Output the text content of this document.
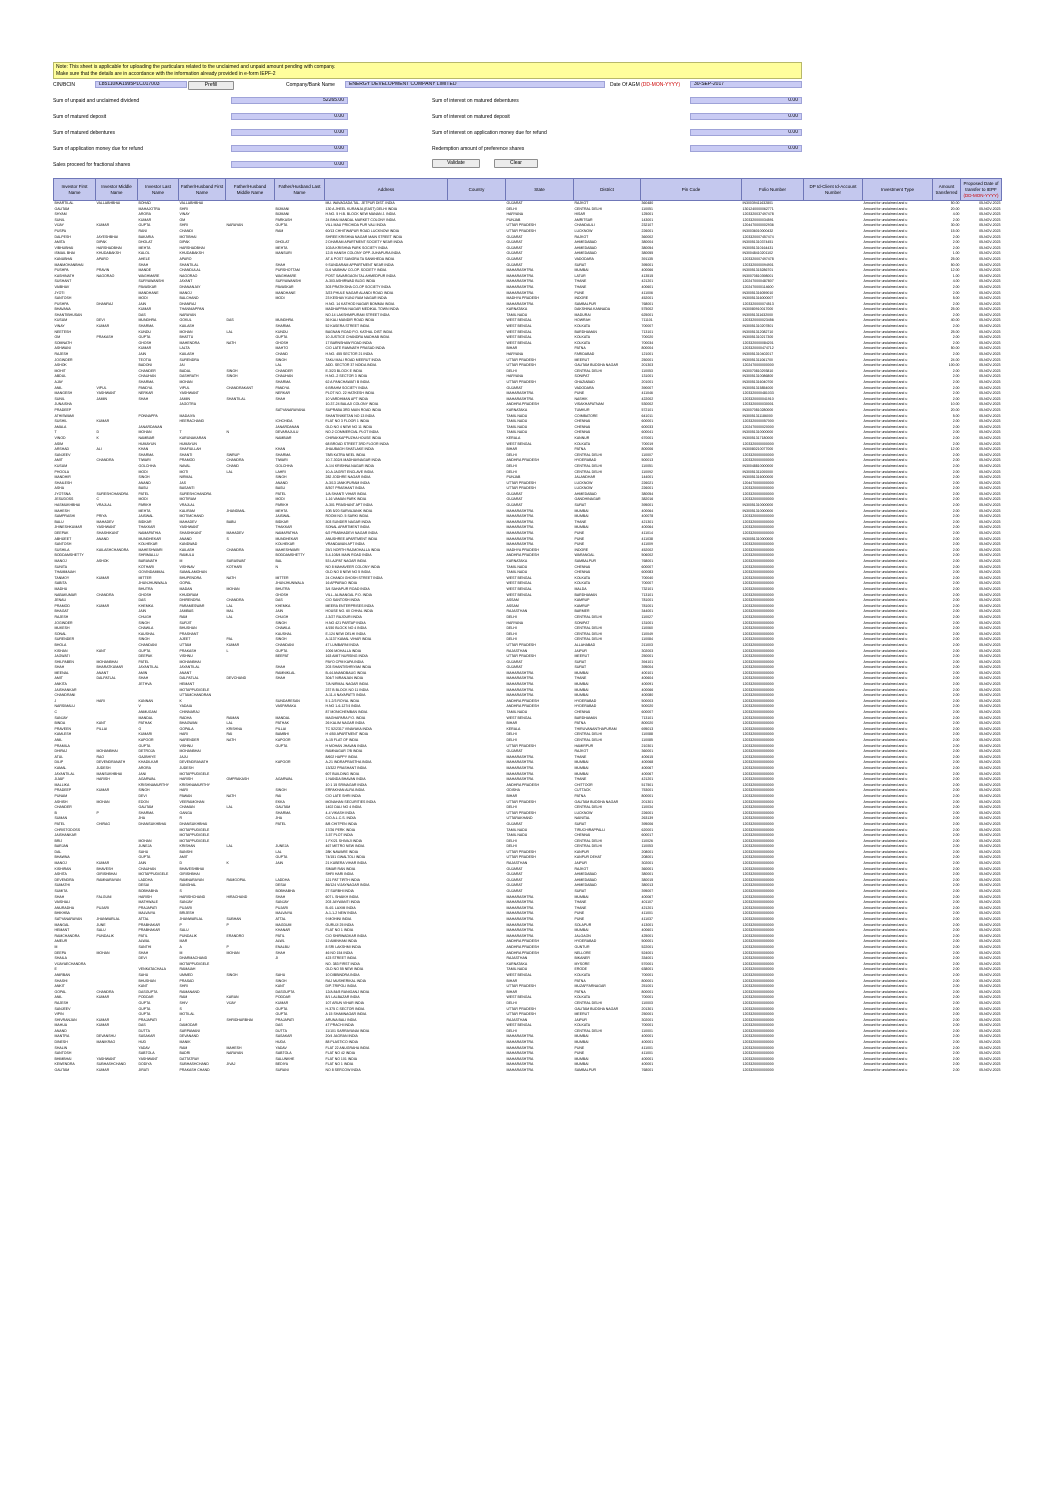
Note: This sheet is applicable for uploading the particulars related to the unclaimed and unpaid amount pending with company.
Make sure that the details are in accordance with the information already provided in e-form IEPF-2
CIN/BCIN	L85110KA1995PLC017003	Prefill	Company/Bank Name	ENERGY DEVELOPMENT COMPANY LIMITED	Date Of AGM (DD-MON-YYYY)	30-SEP-2017
Sum of unpaid and unclaimed dividend	52265.00	Sum of interest on matured debentures	0.00
Sum of matured deposit	0.00	Sum of interest on matured deposit	0.00
Sum of matured debentures	0.00	Sum of interest on application money due for refund	0.00
Sum of application money due for refund	0.00	Redemption amount of preference shares	0.00
Sales proceed for fractional shares	0.00	Validate	Clear
Investor First Name	Investor Middle Name	Investor Last Name	Father/Husband First Name	Father/Husband Middle Name	Father/Husband Last Name	Address	Country	State	District	Pin Code	Folio Number	DP Id-Client Id-Account Number	Investment Type	Amount transferred	Proposed Date of transfer to IEPF
(DD-MON-YYYY)

BHARTILAL	VALLABHBHAI	BOHAD	VALLABHBHAI			MU. WAVAGADA TAL. JETPUR DIST. INDIA		GUJARAT	RAJKOT	360480	IN30039411632801		Amount for unclaimed and u	50.00	05-NOV-2023
GAUTAM		MAHAJOTRA	SHRI		BIJMANI	130 A JHEEL KURANJA (EAST) DELHI INDIA		DELHI	CENTRAL DELHI	110051	1301240000062771		Amount for unclaimed and u	20.00	05-NOV-2023
SHYAM		ARORA	VINAY		BIJMANI	H.NO. 5 H.B. BLOCK NEW MANAN J. INDIA		HARYANA	HISAR	125001	1203320037497478		Amount for unclaimed and u	4.00	05-NOV-2023
SUNIL		KUMAR	OM		PARKASH	24 BHAI MANDAL MARKET COLONY INDIA		PUNJAB	AMRITSAR	143001	1203320000034591		Amount for unclaimed and u	2.00	05-NOV-2023
VIJAY	KUMAR	GUPTA	SHRI	NARAYAN	GUPTA	VILL MAU PRICHIDA PUR VALI INDIA		UTTAR PRADESH	CHANDAULI	232107	1204470000002936		Amount for unclaimed and u	30.00	05-NOV-2023
PUSPA		RANI	CHANDI		RAM	60/13 CHHITWAPUR ROAD LUCKNOW INDIA		UTTAR PRADESH	LUCKNOW	226001	IN30036010000432		Amount for unclaimed and u	15.00	05-NOV-2023
DALPESH	JAYESHBHAI	BAKARIA	MOTIBHAI			SHREE KRISHNA NAGAR MAIN STREET INDIA		GUJARAT	RAJKOT	360002	1203320007457474		Amount for unclaimed and u	2.00	05-NOV-2023
AMITA	DIPAK	DHOLAT	DIPAK		DHOLAT	2 DHARAM APARTMENT SOCIETY NEAR INDIA		GUJARAT	AHMEDABAD	380004	IN30051310374451		Amount for unclaimed and u	2.00	05-NOV-2023
VIBHUBHAI	HARSHADBHAI	MEHTA	HARSHADBHAI		MEHTA	102/A KRISHNA PARK SOCIETY INDIA		GUJARAT	AHMEDABAD	380054	IN30051310164431		Amount for unclaimed and u	2.00	05-NOV-2023
ISMAIL BHAI	KHUDABAKSH	KALOL	KHUDABAKSH		MANSURI	12-B HANSH COLONY OPP. JUHAPURA INDIA		GUJARAT	AHMEDABAD	380055	IN30048410201102		Amount for unclaimed and u	1.00	05-NOV-2023
KANUBHAI	APARO	AHELE	APARO			AT & POST SANGRA TA SANKHEDA INDIA		GUJARAT	VADODARA	391135	1203320007497478		Amount for unclaimed and u	25.00	05-NOV-2023
MANMOHANBHAI		SHAH	SHANTILAL		SHAH	9 SUNDARAM APPARTMENT NEAR INDIA		GUJARAT	SURAT	395001	1203320000094901		Amount for unclaimed and u	50.00	05-NOV-2023
PUSHPA	PRAVIN	MANDE	CHANDULAL		PURSHOTTAM	D-6 VAIBHAV CO-OP. SOCIETY INDIA		MAHARASHTRA	MUMBAI	400066	IN30051315286701		Amount for unclaimed and u	12.00	05-NOV-2023
KASHINATH	NAGORAO	WAGHMARE	NAGORAO		WAGHMARE	POST SAVARGAON TAL AHMEDPUR INDIA		MAHARASHTRA	LATUR	413515	IN30070810398001		Amount for unclaimed and u	1.00	05-NOV-2023
SUSHANT		SURYAWANSHI	JAYANT		SURYAWANSHI	A-303 ASHIRWAD BLDG INDIA		MAHARASHTRA	THANE	421201	1202470000487807		Amount for unclaimed and u	4.00	05-NOV-2023
VAIBHAV		PAVASKAR	DHANANJAY		PAVASKAR	303 PRATIKSHA CO-OP SOCIETY INDIA		MAHARASHTRA	THANE	400601	1202470000114600		Amount for unclaimed and u	2.00	05-NOV-2023
JYOTI		MANDHANE	MANOJ		MANDHANE	3/23 PHULE NAGAR ALANDI ROAD INDIA		MAHARASHTRA	PUNE	411006	IN30051316059010		Amount for unclaimed and u	2.00	05-NOV-2023
SANTOSH		MODI	BALCHAND		MODI	23 KESHAV KUNJ RAM NAGAR INDIA		MADHYA PRADESH	INDORE	452001	IN30051316000007		Amount for unclaimed and u	5.00	05-NOV-2023
PUSHPA	DHANRAJ	JAIN	DHANRAJ			H.NO. 14 KATHOD NAGAR BOMMAI INDIA		MAHARASHTRA	SAMBALPUR	768001	1203320000074513		Amount for unclaimed and u	2.00	05-NOV-2023
BHAVANA		KUMAR	THANNIAPPAN			MADHAPPAN NAGAR MEDIKAL TOWN INDIA		KARNATAKA	DAKSHINA KANNADA	575002	IN30080910017000		Amount for unclaimed and u	25.00	05-NOV-2023
SHANTIBHUSAN		DAS	NARAYAN			NO.14 LAKSHMIPURAM STREET INDIA		TAMIL NADU	MADURAI	625001	IN30051311632000		Amount for unclaimed and u	2.00	05-NOV-2023
KUSUM	DEVI	MUNDHRA	GOKUL	DAS	MUNDHRA	36 KALI MANDIR ROAD INDIA		WEST BENGAL	HOWRAH	711101	1203320000023456		Amount for unclaimed and u	40.00	05-NOV-2023
VINAY	KUMAR	SHARMA	KAILASH		SHARMA	52 KASERA STREET INDIA		WEST BENGAL	KOLKATA	700007	IN30051310207801		Amount for unclaimed and u	2.00	05-NOV-2023
NEETESH		KUNDU	MOHAN	LAL	KUNDU	BAGNAN ROAD P.O. KATHAL DIST INDIA		WEST BENGAL	BARDHAMAN	713101	IN30051312082710		Amount for unclaimed and u	25.00	05-NOV-2023
OM	PRAKASH	GUPTA	BHATTU		GUPTA	10 JUSTICE CHANDRA MADHAB INDIA		WEST BENGAL	KOLKATA	700020	IN30051310217300		Amount for unclaimed and u	2.00	05-NOV-2023
SOMNATH		GHOSH	MAHENDRA	NATH	GHOSH	17 BARNSHAW ROAD INDIA		WEST BENGAL	KOLKATA	700034	1203320000084201		Amount for unclaimed and u	2.00	05-NOV-2023
ASHWANI		KUMAR	LALTA		MAHTO	C/O LATE RAMNATH PRASAD INDIA		BIHAR	PATNA	800004	1203320000474712		Amount for unclaimed and u	50.00	05-NOV-2023
RAJESH		JAIN	KAILASH		CHAND	H.NO. 455 SECTOR 21 INDIA		HARYANA	FARIDABAD	121001	IN30051310402017		Amount for unclaimed and u	2.00	05-NOV-2023
JOGINDER		TEOTIA	SURENDRA		SINGH	TAKU MALI ROAD MEERUT INDIA		UTTAR PRADESH	MEERUT	250001	IN30051311061700		Amount for unclaimed and u	24.00	05-NOV-2023
ASHOK		BADONI	JAI		LAL	ADD. SECTOR 37 NOIDA INDIA		UTTAR PRADESH	GAUTAM BUDDHA NAGAR	201303	1202470000000000		Amount for unclaimed and u	100.00	05-NOV-2023
MOHIT		CHANDER	BADAL	SINGH	CHANDER	E-3/23 BLOCK E INDIA		DELHI	CENTRAL DELHI	110053	IN30070810293810		Amount for unclaimed and u	2.00	05-NOV-2023
ABDUL		CHAUHAN	DASHRATH	SINGH	CHAUHAN	H.NO.-2 SECTOR 3 INDIA		HARYANA	SONIPAT	131001	IN30051310086800		Amount for unclaimed and u	2.00	05-NOV-2023
AJAY		SHARMA	MOHAN		SHARMA	62 A PANCHAWATI B INDIA		UTTAR PRADESH	GHAZIABAD	201001	IN30051316040700		Amount for unclaimed and u	2.00	05-NOV-2023
ANIL	VIPUL	PANDYA	VIPUL	CHANDRAKANT	PANDYA	6 BRAHM SOCIETY INDIA		GUJARAT	VADODARA	390007	IN30051315854000		Amount for unclaimed and u	2.00	05-NOV-2023
MANGESH	YASHWANT	NERKAR	YASHWANT		NERKAR	PLOT NO. 22 HATKESH INDIA		MAHARASHTRA	PUNE	411046	1203320000481033		Amount for unclaimed and u	2.00	05-NOV-2023
SUNIL	JAMIN	SHAH	JAMIN	SHANTILAL	SHAH	10 VARDHMAN APT INDIA		MAHARASHTRA	NASHIK	422002	1203320000041910		Amount for unclaimed and u	2.00	05-NOV-2023
JUNAISHA			JAGOTRA			10-37-24 BALAJI COLONY INDIA		ANDHRA PRADESH	VISAKHAPATNAM	530002	1203320000030001		Amount for unclaimed and u	10.00	05-NOV-2023
PRADEEP					SATYANARAYANA	SUPRABA 3RD MAIN ROAD INDIA		KARNATAKA	TUMKUR	572101	IN30070810280000		Amount for unclaimed and u	20.00	05-NOV-2023
ATHISWAMI		PONNAPPA	MADAIYA			SHANTINIKETAN NO 13 INDIA		TAMIL NADU	COIMBATORE	641011	IN30051311186000		Amount for unclaimed and u	5.00	05-NOV-2023
SUSHIL	KUMAR		HEERACHAND		ICHCHIDA	FLAT NO 3 FLOOR 1 INDIA		TAMIL NADU	CHENNAI	600001	1203320000057000		Amount for unclaimed and u	2.00	05-NOV-2023
AMALA		JANARDANAN			JANARDANAN	OLD NO 4 NEW NO 11 INDIA		TAMIL NADU	CHENNAI	600033	1202470000020000		Amount for unclaimed and u	2.00	05-NOV-2023
T	D	MOHAN	T	N	DEVARAJULU	NO.2 COMMERCIAL PLOT INDIA		TAMIL NADU	CHENNAI	600041	IN30051310000000		Amount for unclaimed and u	2.00	05-NOV-2023
VINOD	K	NAMBIAR	KARUNAKARAN		NAMBIAR	CHIRAKKAPPUZHA HOUSE INDIA		KERALA	KANNUR	670001	IN30051317180000		Amount for unclaimed and u	2.00	05-NOV-2023
ASIM		HUMAYUN	HUMAYUN			68 BROAD STREET 3RD FLOOR INDIA		WEST BENGAL	KOLKATA	700019	1203320000000000		Amount for unclaimed and u	2.00	05-NOV-2023
ARSHAD	ALI	KHAN	SHAFIULLAH		KHAN	JHAUBAGH SHATLAKE INDIA		BIHAR	PATNA	800006	IN30080210077000		Amount for unclaimed and u	12.00	05-NOV-2023
SANJEEV		SHARMA	SHANTI	SWRUP	SHARMA	78/B KATRA NEEL INDIA		DELHI	CENTRAL DELHI	110007	1203320000000000		Amount for unclaimed and u	2.00	05-NOV-2023
AMIT	CHANDRA	TIWARI	PRAMOD	CHANDRA	TIWARI	10-7-302/4 MADHAVNAGAR INDIA		ANDHRA PRADESH	HYDERABAD	500013	1203320000000000		Amount for unclaimed and u	2.00	05-NOV-2023
KUSUM		GOLCHHA	NAVAL	CHAND	GOLCHHA	A-1/4 KRISHNA NAGAR INDIA		DELHI	CENTRAL DELHI	110051	IN30048810000000		Amount for unclaimed and u	2.00	05-NOV-2023
PHOOLA		MODI	MOTI	LAL	LAHRI	10-A JAGRIT ENCLAVE INDIA		DELHI	CENTRAL DELHI	110092	IN30051311000000		Amount for unclaimed and u	2.00	05-NOV-2023
MANDHIR		SINGH	NIRMAL		SINGH	282 JODHRE NAGAR INDIA		PUNJAB	JALANDHAR	144001	IN30051316000000		Amount for unclaimed and u	2.00	05-NOV-2023
SHAILESH		ANAND	JAS		ANAND	A-3/13 JANKIPURAM INDIA		UTTAR PRADESH	LUCKNOW	226021	1204470000000000		Amount for unclaimed and u	2.00	05-NOV-2023
ASHA		BASU	BASANTI		BASU	8/307 PRASHANT INDIA		UTTAR PRADESH	LUCKNOW	226001	1203320000000000		Amount for unclaimed and u	2.00	05-NOV-2023
JYOTSNA	SURESHCHANDRA	PATEL	SURESHCHANDRA		PATEL	1/A SHANTI VIHAR INDIA		GUJARAT	AHMEDABAD	380054	1203320000000000		Amount for unclaimed and u	2.00	05-NOV-2023
JESUDOSS	C	MODI	MOTIRAM		MODI	1-16 VAMAN PARK INDIA		GUJARAT	GANDHINAGAR	382016	1203320000000000		Amount for unclaimed and u	2.00	05-NOV-2023
HASMUKHBHAI	VRAJLAL	PARIKH	VRAJLAL		PARIKH	A-301 PRASHANT APT INDIA		GUJARAT	SURAT	395001	IN30051310000000		Amount for unclaimed and u	2.00	05-NOV-2023
MAHESH		MEHTA	KALIRAM	JHANDMAL	MEHTA	10B 5/20 SARVAJANIK INDIA		MAHARASHTRA	MUMBAI	400064	IN30051310000000		Amount for unclaimed and u	2.00	05-NOV-2023
SAMPRASHI	PRIYA	JAISWAL	MOTIMCHAND		JAISWAL	ROOM NO. 5 SARKI INDIA		MAHARASHTRA	MUMBAI	400078	1203320000000000		Amount for unclaimed and u	2.00	05-NOV-2023
BALU	MAHADEV	BIDKAR	MAHADEV	BABU	BIDKAR	303 SUNDER NAGAR INDIA		MAHARASHTRA	THANE	421301	1203320000000000		Amount for unclaimed and u	2.00	05-NOV-2023
JHINESHKUMAR	YASHWANT	THAKKAR	YASHWANT		THAKKAR	SONAL APARTMENT INDIA		MAHARASHTRA	MUMBAI	400064	1203320000000000		Amount for unclaimed and u	2.00	05-NOV-2023
DEEPAK	SHASHIKANT	NAMAPATHIA	SHASHIKANT	MAHADEV	NAMAPATHIA	6/2 PRABHADEVI NAGAR INDIA		MAHARASHTRA	PUNE	411014	1203320000000000		Amount for unclaimed and u	2.00	05-NOV-2023
ABHIJEET	ANAND	MUNDHEKAR	ANAND	S	MUNDHEKAR	ANUSHREE APARTMENT INDIA		MAHARASHTRA	PUNE	411038	IN30051310000000		Amount for unclaimed and u	2.00	05-NOV-2023
SANTOSH		KOLHEKAR	KANDWAD		KOLHEKAR	VRANDAVAN APT INDIA		MAHARASHTRA	PUNE	411009	1203320000000000		Amount for unclaimed and u	2.00	05-NOV-2023
SUSHILA	KAILASHCHANDRA	MAHESHWARI	KAILASH	CHANDRA	MAHESHWARI	25/1 NORTH RAJMOHALLA INDIA		MADHYA PRADESH	INDORE	452002	1203320000000000		Amount for unclaimed and u	2.00	05-NOV-2023
BODDAMSHETTY		SHRIMALLU	RAMULU		BODDAMSHETTY	5-4-108/4 MAIN ROAD INDIA		ANDHRA PRADESH	WARANGAL	506002	1203320000000000		Amount for unclaimed and u	2.00	05-NOV-2023
MANOJ	ASHOK	BARANATH	M	SARASWAT	BAL	53 LAJPAT NAGAR INDIA		KARNATAKA	SAMBALPUR	768001	1203320000000000		Amount for unclaimed and u	2.00	05-NOV-2023
SUNITA		KOTHARI	VISHNAV	KOTHARI	N	NO 8 MAHAVEER COLONY INDIA		TAMIL NADU	CHENNAI	600007	1203320000000000		Amount for unclaimed and u	2.00	05-NOV-2023
THAMMAIAH		GOVINDAMMAL	SAMALAMOHAN			OLD NO 8 NEW NO 5 INDIA		TAMIL NADU	CHENNAI	600083	1203320000000000		Amount for unclaimed and u	2.00	05-NOV-2023
TANMOY	KUMAR	MITTER	BHUPENDRA	NATH	MITTER	24 CHANDI GHOSH STREET INDIA		WEST BENGAL	KOLKATA	700040	1203320000000000		Amount for unclaimed and u	2.00	05-NOV-2023
SABITA		JHUNJHUNWALA	GOPAL		JHUNJHUNWALA	16 APPARAO INDIA		WEST BENGAL	KOLKATA	700007	1203320000000000		Amount for unclaimed and u	2.00	05-NOV-2023
MADHU		BHUTRA	MADAN	MOHAN	BHUTRA	3/4 SAHAPUR ROAD INDIA		WEST BENGAL	MALDA	732101	1203320000000000		Amount for unclaimed and u	2.00	05-NOV-2023
NABAKUMAR	CHANDRA	GHOSH	KHUDIRAM		GHOSH	VILL- ALINANGAL P.O. INDIA		WEST BENGAL	BARDHAMAN	713101	1203320000000000		Amount for unclaimed and u	2.00	05-NOV-2023
JENAU		DAS	DHIRENDRA	CHANDRA	DAS	C/O SANTOSH INDIA		ASSAM	KAMRUP	781001	1203320000000000		Amount for unclaimed and u	2.00	05-NOV-2023
PRAMOD	KUMAR	KHEMKA	PARAMESWAR	LAL	KHEMKA	MEERA ENTERPRISES INDIA		ASSAM	KAMRUP	781001	1203320000000000		Amount for unclaimed and u	2.00	05-NOV-2023
BHAGAT		JAIN	JAMBAS	MAL	JAIN	HOUSE NO. 60 CHHAL INDIA		RAJASTHAN	BARMER	344001	1203320000000000		Amount for unclaimed and u	2.00	05-NOV-2023
RAJESH		CHUGH	RAM	LAL	CHUGH	J-3/27 RAJOURI INDIA		DELHI	CENTRAL DELHI	110027	1203320000000000		Amount for unclaimed and u	2.00	05-NOV-2023
JOGINDER		SINGH	SURJIT		SINGH	H.NO 421 PARTAP INDIA		HARYANA	SONIPAT	131001	1203320000000000		Amount for unclaimed and u	2.00	05-NOV-2023
MUKESH		CHAWLA	BHUSHAN		CHAWLA	4/150 BLOCK NO 4 INDIA		DELHI	CENTRAL DELHI	110060	1203320000000000		Amount for unclaimed and u	2.00	05-NOV-2023
SONAL		KAUSHAL	PRASHANT		KAUSHAL	E-124 NEW DELHI INDIA		DELHI	CENTRAL DELHI	110049	1203320000000000		Amount for unclaimed and u	2.00	05-NOV-2023
SURENDER		SINGH	AJEET	PAL	SINGH	A-1137 KAMAL VIHAR INDIA		DELHI	CENTRAL DELHI	110084	1203320000000000		Amount for unclaimed and u	2.00	05-NOV-2023
BHOLA		CHANDANI	UTTAM	KUMAR	CHANDANI	47 LUMBARNI INDIA		UTTAR PRADESH	ALLAHABAD	211003	1203320000000000		Amount for unclaimed and u	2.00	05-NOV-2023
KISHAN	KANT	GUPTA	PRAKASH	L	GUPTA	1006 MOHALLA INDIA		RAJASTHAN	JAIPUR	302003	1203320000000000		Amount for unclaimed and u	2.00	05-NOV-2023
JAGWATI		DEEPAK	VISHNU		BEEPAT	163 AMIT NURSING INDIA		UTTAR PRADESH	MEERUT	250001	1203320000000000		Amount for unclaimed and u	2.00	05-NOV-2023
SHILPABEN	MOHANBHAI	PATEL	MOHANBHAI			PAYO CPM KAPA INDIA		GUJARAT	SURAT	394101	1203320000000000		Amount for unclaimed and u	2.00	05-NOV-2023
SHAH	BHARATKUMAR	JAYANTILAL	JAYANTILAL		SHAH	203 SHANTISHRIYAM INDIA		GUJARAT	SURAT	395004	1203320000000000		Amount for unclaimed and u	2.00	05-NOV-2023
MEENAL	ANANT	AMIN	ANANT		RAMNIKLAL	B-44 ANANDBAUG INDIA		MAHARASHTRA	MUMBAI	400101	1203320000000000		Amount for unclaimed and u	2.00	05-NOV-2023
AMIT	DALPATLAL	SHAH	DALPATLAL	DEVCHAND	SHAH	304/7 NIRANJAN INDIA		MAHARASHTRA	THANE	400604	1203320000000000		Amount for unclaimed and u	2.00	05-NOV-2023
ANKITA		JETHVA	HEMANT			7/A NIRMAL NAGAR INDIA		MAHARASHTRA	MUMBAI	400091	1203320000000000		Amount for unclaimed and u	2.00	05-NOV-2023
JAISHANKAR			MOTAPPUDIGELE			237 B BLOCK NO 11 INDIA		MAHARASHTRA	MUMBAI	400066	1203320000000000		Amount for unclaimed and u	2.00	05-NOV-2023
CHANDRANI			UTTAMCHANDRAN			A-11-4 NAYAPATTI INDIA		MAHARASHTRA	MUMBAI	400080	1203320000000000		Amount for unclaimed and u	2.00	05-NOV-2023
J	HARI	KANNAN	K		SUNDARESAN	5 1-2/3 ROYAL INDIA		ANDHRA PRADESH	HYDERABAD	500003	1203320000000000		Amount for unclaimed and u	2.00	05-NOV-2023
NARSIMALU		V	YADAIA		VASPARAKA	H.NO 1-6-127/4 INDIA		ANDHRA PRADESH	HYDERABAD	500020	1203320000000000		Amount for unclaimed and u	2.00	05-NOV-2023
C		ANMUGAM	CHINNARAJ			87 MONICHEMBAN INDIA		TAMIL NADU	CHENNAI	600007	1203320000000000		Amount for unclaimed and u	2.00	05-NOV-2023
SANJAY		MANDAL	RADHA	RAMAN	MANDAL	MAGHAPARA P.O. INDIA		WEST BENGAL	BARDHAMAN	713101	1203320000000000		Amount for unclaimed and u	2.00	05-NOV-2023
BINDA	KANT	PATHAK	BHAGWAN	LAL	PATHAK	26 KALIM NAGAR INDIA		BIHAR	PATNA	800020	1203320000000000		Amount for unclaimed and u	2.00	05-NOV-2023
PRAVEEN	PILLAI	G	GOPALA	KRISHNA	PILLAI	TC 52/2317 VINAYAKA INDIA		KERALA	THIRUVANANTHAPURAM	695013	1203320000000000		Amount for unclaimed and u	2.00	05-NOV-2023
KAMLESH		KUMARI	HARI	RAI	BAMBHI	H 4/50 APARTMENT INDIA		DELHI	CENTRAL DELHI	110088	1203320000000000		Amount for unclaimed and u	2.00	05-NOV-2023
ANIL		KAPOOR	NARENDER	NATH	KAPOOR	A-15 FLAT OF INDIA		DELHI	CENTRAL DELHI	110085	1203320000000000		Amount for unclaimed and u	2.00	05-NOV-2023
PRAMILA		GUPTA	VISHNU		GUPTA	H MOHAN JHAVAN INDIA		UTTAR PRADESH	HAMIRPUR	210301	1203320000000000		Amount for unclaimed and u	2.00	05-NOV-2023
DHIRAJ	MOHANBHAI	DETROJA	MOHANBHAI			RAMNAGAR 7/B INDIA		GUJARAT	RAJKOT	360001	1203320000000000		Amount for unclaimed and u	2.00	05-NOV-2023
ATUL	RAO	GAJBHIYE	JAJU			8/602 HAPPY INDIA		MAHARASHTRA	THANE	400615	1203320000000000		Amount for unclaimed and u	2.00	05-NOV-2023
DILIP	DEVENDRANATH	KHADILKAR	DEVENDRANATH		KAPOOR	A-21 INDRAPRASTHA INDIA		MAHARASHTRA	MUMBAI	400068	1203320000000000		Amount for unclaimed and u	2.00	05-NOV-2023
KAMAL	JUDESH	ARORA	JUDESH			13/322 PRASHANT INDIA		MAHARASHTRA	MUMBAI	400067	1203320000000000		Amount for unclaimed and u	2.00	05-NOV-2023
JAYANTILAL	MANSUKHBHAI	JANI	MOTAPPUDIGELE			607 BUILDING INDIA		MAHARASHTRA	MUMBAI	400067	1203320000000000		Amount for unclaimed and u	2.00	05-NOV-2023
JIJAIF	HARISH	AGARWAL	HARISH	OMPRAKASH	AGARWAL	1 NANDA BHAVAN INDIA		MAHARASHTRA	THANE	421201	1203320000000000		Amount for unclaimed and u	2.00	05-NOV-2023
MALLIKA		KRISHNAMURTHY	KRISHNAMURTHY			10 1 15 SRINAGAR INDIA		ANDHRA PRADESH	CHITTOOR	517501	1203320000000000		Amount for unclaimed and u	2.00	05-NOV-2023
PRADEEP	KUMAR	SINGH	HARI		SINGH	ERFAKHAN ALRA INDIA		ODISHA	CUTTACK	753001	1203320000000000		Amount for unclaimed and u	2.00	05-NOV-2023
PUNAM		DEVI	PAWAN	NATH	RAI	C/O LATE SHRI INDIA		BIHAR	PATNA	800001	1203320000000000		Amount for unclaimed and u	2.00	05-NOV-2023
ASHISH	MOHAN	EDON	VEERAMOHAN		EKKA	MONAHAN SECURITIES INDIA		UTTAR PRADESH	GAUTAM BUDDHA NAGAR	201301	1203320000000000		Amount for unclaimed and u	2.00	05-NOV-2023
CHANDER		GAUTAM	CHAMAN	LAL	GAUTAM	1402 DALI NO 4 INDIA		DELHI	CENTRAL DELHI	110034	1203320000000000		Amount for unclaimed and u	2.00	05-NOV-2023
B	P	SHARMA	GANGA		SHARMA	4-4 VIKASH INDIA		UTTAR PRADESH	LUCKNOW	226001	1203320000000000		Amount for unclaimed and u	2.00	05-NOV-2023
SUMAN		JHA	R		JHA	C/O A.L.C.S. INDIA		UTTARAKHAND	NAINITAL	263139	1203320000000000		Amount for unclaimed and u	2.00	05-NOV-2023
PATEL	CHIRAG	DHANSUKHBHAI	DHANSUKHBHAI		PATEL	8/8 CHITPEN INDIA		GUJARAT	SURAT	395006	1203320000000000		Amount for unclaimed and u	2.00	05-NOV-2023
CHRISTODOSS			MOTAPPUDIGELE			17/26 PERK INDIA		TAMIL NADU	TIRUCHIRAPPALLI	620001	1203320000000000		Amount for unclaimed and u	2.00	05-NOV-2023
JAISHANKAR			MOTAPPUDIGELE			3-57 PLOT INDIA		TAMIL NADU	CHENNAI	600017	1203320000000000		Amount for unclaimed and u	2.00	05-NOV-2023
BRIJ		MOHAN	MOTAPPUDIGELE			1 FX/21 SHIVAJI INDIA		DELHI	CENTRAL DELHI	110026	1203320000000000		Amount for unclaimed and u	2.00	05-NOV-2023
BARJAN		JUNEJA	KRISHAN	LAL	JUNEJA	467 METRO NEW INDIA		DELHI	CENTRAL DELHI	110053	1203320000000000		Amount for unclaimed and u	2.00	05-NOV-2023
DAL		SAHU	BANSHI		LAL	28K NAWARE INDIA		UTTAR PRADESH	KANPUR	208001	1203320000000000		Amount for unclaimed and u	2.00	05-NOV-2023
BHAWNA		GUPTA	AMIT		GUPTA	74/151 GWALTOLI INDIA		UTTAR PRADESH	KANPUR DEHAT	208001	1203320000000000		Amount for unclaimed and u	2.00	05-NOV-2023
MANOJ	KUMAR	JAIN	D	K	JAIN	21 KUBERA VIHAR INDIA		RAJASTHAN	JAIPUR	302001	1203320000000000		Amount for unclaimed and u	2.00	05-NOV-2023
KISHIRAN	BHAVESH	CHAUHAN	BHAVESHBHAI			SIMAR RAN INDIA		GUJARAT	RAJKOT	360001	1203320000000000		Amount for unclaimed and u	2.00	05-NOV-2023
ASHITA	GIRISHBHAI	MOTAPPUDIGELE	GIRISHBHAI			SHRI HARI INDIA		GUJARAT	AHMEDABAD	380001	1203320000000000		Amount for unclaimed and u	2.00	05-NOV-2023
DEVENDRA	RAMNARAYAN	LADDHA	RAMNARAYAN	RAMGOPAL	LADDHA	121 PAT TIRTH INDIA		GUJARAT	AHMEDABAD	380015	1203320000000000		Amount for unclaimed and u	2.00	05-NOV-2023
SUMATHI		DESAI	SANGHAL		DESAI	86/124 VIJAYNAGAR INDIA		GUJARAT	AHMEDABAD	380013	1203320000000000		Amount for unclaimed and u	2.00	05-NOV-2023
SUMITA		BOBHABHA	S		BOBHABHA	27 SURBHI INDIA		GUJARAT	SURAT	395007	1203320000000000		Amount for unclaimed and u	2.00	05-NOV-2023
SHAH	FALGUNI	HARISH	HARISHCHAND	HIRACHAND	SHAH	607 L SHAIKH INDIA		MAHARASHTRA	MUMBAI	400067	1203320000000000		Amount for unclaimed and u	2.00	05-NOV-2023
VAISHALI		MATHWALE	SANJAY		SANJAY	203 JAYWANTI INDIA		MAHARASHTRA	THANE	401107	1203320000000000		Amount for unclaimed and u	2.00	05-NOV-2023
ANURADHA	PUJARI	PRAJAPATI	PUJARI		PUJARI	B-4/1 LAXMI INDIA		MAHARASHTRA	THANE	421201	1203320000000000		Amount for unclaimed and u	2.00	05-NOV-2023
BHIKHBA		MALVAIYA	BRIJESH		MALVAIYA	A-1-1-2 NEW INDIA		MAHARASHTRA	PUNE	411001	1203320000000000		Amount for unclaimed and u	2.00	05-NOV-2023
SATYANARAYAN	JHANWARLAL	ATTAL	JHANWARLAL	SUBHAN	ATTAL	9 MOHINI INDIA		MAHARASHTRA	PUNE	411037	1203320000000000		Amount for unclaimed and u	2.00	05-NOV-2023
MANGAL	JUNE	PRABHAKAR	P	P	MAGDUM	GURUJI 25 INDIA		MAHARASHTRA	SOLAPUR	413001	1203320000000000		Amount for unclaimed and u	2.00	05-NOV-2023
HEMANT	SALU	PRABHAKAR	SALU		KHANAR	FLAT NO 1 INDIA		MAHARASHTRA	MUMBAI	400601	1203320000000000		Amount for unclaimed and u	2.00	05-NOV-2023
RAMCHANDRA	PUNDALIK	PATIL	PUNDALIK	ERANDRO	PATIL	C/O SHIRWADKAR INDIA		MAHARASHTRA	JALGAON	425001	1203320000000000		Amount for unclaimed and u	2.00	05-NOV-2023
AMEUR		ALWAL	MAR		ALWL	12 AMINHAM INDIA		ANDHRA PRADESH	HYDERABAD	500001	1203320000000000		Amount for unclaimed and u	2.00	05-NOV-2023
M		SANTHI	A	P	ENALBU	8 SRI LAKSHMI INDIA		ANDHRA PRADESH	GUNTUR	522001	1203320000000000		Amount for unclaimed and u	2.00	05-NOV-2023
DEEPA	MOHAN	SHAH	M	MOHAN	SHAH	46 NO 154 INDIA		ANDHRA PRADESH	NELLORE	524001	1203320000000000		Amount for unclaimed and u	2.00	05-NOV-2023
SHAILA		DEVI	DHARMACHAND		JI	423 STREET INDIA		RAJASTHAN	BIKANER	334001	1203320000000000		Amount for unclaimed and u	2.00	05-NOV-2023
VIJAYAECHANDRA			MOTAPPUDIGELE			NO. 383 FIRST INDIA		KARNATAKA	MYSORE	570001	1203320000000000		Amount for unclaimed and u	2.00	05-NOV-2023
E		VENKATACHALA	RAMAIAH			OLD NO 55 NEW INDIA		TAMIL NADU	ERODE	638001	1203320000000000		Amount for unclaimed and u	2.00	05-NOV-2023
ANIRBAN		SAHU	UMMED	SINGH	SAHU	10 DIBBINDRA INDIA		WEST BENGAL	KOLKATA	700001	1203320000000000		Amount for unclaimed and u	2.00	05-NOV-2023
SHASHI		BHUSHAN	PRASAD		SINGH	RAJ MUSHERIKAL INDIA		BIHAR	PATNA	800001	1203320000000000		Amount for unclaimed and u	2.00	05-NOV-2023
ANKIT		KANT	SHRI		KANT	D/P-TRIPOLI INDIA		UTTAR PRADESH	MUZAFFARNAGAR	251001	1203320000000000		Amount for unclaimed and u	2.00	05-NOV-2023
GOPAL	CHANDRA	DASGUPTA	RAMANAND		DASGUPTA	12/A 84/8 RANIGANJ INDIA		BIHAR	PATNA	800001	1203320000000000		Amount for unclaimed and u	2.00	05-NOV-2023
ANIL	KUMAR	PODDAR	RAM	KARAN	PODDAR	8/1 LALBAZAR INDIA		WEST BENGAL	KOLKATA	700001	1203320000000000		Amount for unclaimed and u	2.00	05-NOV-2023
RAJESH		GUPTA	SHIV	VIJAY	KUMAR	107 ARUN VIHAR INDIA		DELHI	CENTRAL DELHI	110003	1203320000000000		Amount for unclaimed and u	2.00	05-NOV-2023
SANJEEV		GUPTA	S		GUPTA	H-375 C SECTOR INDIA		UTTAR PRADESH	GAUTAM BUDDHA NAGAR	201301	1203320000000000		Amount for unclaimed and u	2.00	05-NOV-2023
VIPIN		GUPTA	MOTILAL		GUPTA	A 15 SHAMNAGAR INDIA		UTTAR PRADESH	MEERUT	250001	1203320000000000		Amount for unclaimed and u	2.00	05-NOV-2023
SHIVRANJAN	KUMAR	PRAJAPATI	J	SHRIDHARBHAI	PRAJAPATI	ARUNA BALI INDIA		RAJASTHAN	JAIPUR	302001	1203320000000000		Amount for unclaimed and u	2.00	05-NOV-2023
MAHUA	KUMAR	DAS	DAMODAR		DAS	47 PRACHI INDIA		WEST BENGAL	KOLKATA	700001	1203320000000000		Amount for unclaimed and u	2.00	05-NOV-2023
ANAND		DUTTA	SARPAMANI		DUTTA	11/101 SARRAYANAI INDIA		DELHI	CENTRAL DELHI	110001	1203320000000000		Amount for unclaimed and u	2.00	05-NOV-2023
MANTRA	DEVANSHU	SASAKAR	DEVANAND		SASAKAR	20/4 JAGRAN INDIA		MAHARASHTRA	MUMBAI	400001	1203320000000000		Amount for unclaimed and u	2.00	05-NOV-2023
DINESH	MANIKRAO	HUD	MANIK		HUDA	88 PLASTICO INDIA		MAHARASHTRA	MUMBAI	400001	1203320000000000		Amount for unclaimed and u	2.00	05-NOV-2023
SHALIN		YADAV	RAM	MAHESH	YADAV	FLAT 22 ANUGRAHA INDIA		MAHARASHTRA	PUNE	411001	1203320000000000		Amount for unclaimed and u	2.00	05-NOV-2023
SANTOSH		SABTOLA	BADRI	NARAYAN	SABTOLA	FLAT NO 42 INDIA		MAHARASHTRA	PUNE	411001	1203320000000000		Amount for unclaimed and u	2.00	05-NOV-2023
BHIMBHAI	YASHWANT	YASHWANT	DATTATRAY		SALUNKHE	FLAT NO 101 INDIA		MAHARASHTRA	MUMBAI	400001	1203320000000000		Amount for unclaimed and u	2.00	05-NOV-2023
KEWENDRA	SUBHASHCHAND	DODIYA	SUBHASHCHAND	JIVAJ	BEDIYA	FLAT NO 1 INDIA		MAHARASHTRA	MUMBAI	400001	1203320000000000		Amount for unclaimed and u	2.00	05-NOV-2023
GAUTAM	KUMAR	JIRATI	PRAKASH CHAND		SURANI	NO 8 SERCOW INDIA		MAHARASHTRA	SAMBALPUR	768001	1203320000000000		Amount for unclaimed and u	2.00	05-NOV-2023
